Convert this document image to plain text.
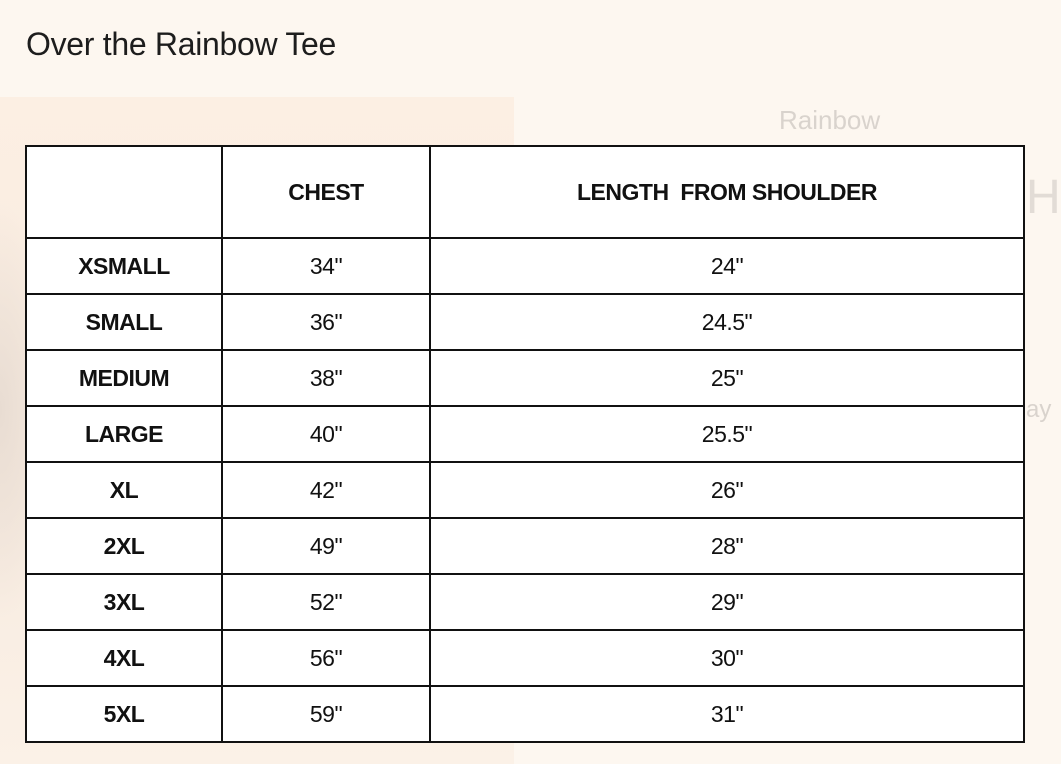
Over the Rainbow Tee
Rainbow
H
ay
	CHEST	LENGTH  FROM SHOULDER
XSMALL	34"	24"
SMALL	36"	24.5"
MEDIUM	38"	25"
LARGE	40"	25.5"
XL	42"	26"
2XL	49"	28"
3XL	52"	29"
4XL	56"	30"
5XL	59"	31"
